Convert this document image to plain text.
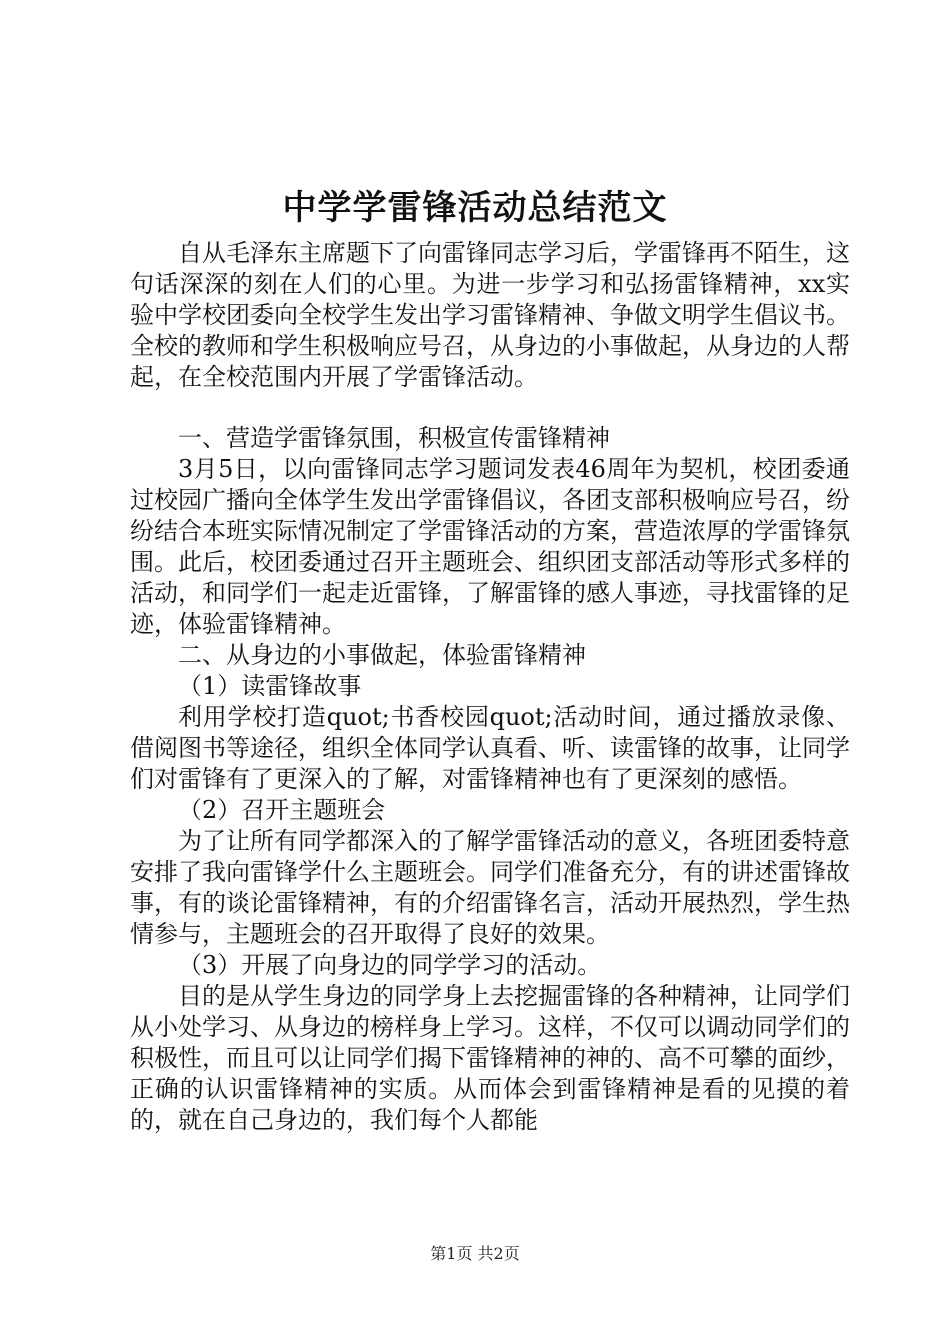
中学学雷锋活动总结范文

自从毛泽东主席题下了向雷锋同志学习后，学雷锋再不陌生，这句话深深的刻在人们的心里。为进一步学习和弘扬雷锋精神，xx实验中学校团委向全校学生发出学习雷锋精神、争做文明学生倡议书。全校的教师和学生积极响应号召，从身边的小事做起，从身边的人帮起，在全校范围内开展了学雷锋活动。

一、营造学雷锋氛围，积极宣传雷锋精神

3月5日，以向雷锋同志学习题词发表46周年为契机，校团委通过校园广播向全体学生发出学雷锋倡议，各团支部积极响应号召，纷纷结合本班实际情况制定了学雷锋活动的方案，营造浓厚的学雷锋氛围。此后，校团委通过召开主题班会、组织团支部活动等形式多样的活动，和同学们一起走近雷锋，了解雷锋的感人事迹，寻找雷锋的足迹，体验雷锋精神。

二、从身边的小事做起，体验雷锋精神

（1）读雷锋故事

利用学校打造quot;书香校园quot;活动时间，通过播放录像、借阅图书等途径，组织全体同学认真看、听、读雷锋的故事，让同学们对雷锋有了更深入的了解，对雷锋精神也有了更深刻的感悟。

（2）召开主题班会

为了让所有同学都深入的了解学雷锋活动的意义，各班团委特意安排了我向雷锋学什么主题班会。同学们准备充分，有的讲述雷锋故事，有的谈论雷锋精神，有的介绍雷锋名言，活动开展热烈，学生热情参与，主题班会的召开取得了良好的效果。

（3）开展了向身边的同学学习的活动。

目的是从学生身边的同学身上去挖掘雷锋的各种精神，让同学们从小处学习、从身边的榜样身上学习。这样，不仅可以调动同学们的积极性，而且可以让同学们揭下雷锋精神的神的、高不可攀的面纱，正确的认识雷锋精神的实质。从而体会到雷锋精神是看的见摸的着的，就在自己身边的，我们每个人都能

第1页 共2页
